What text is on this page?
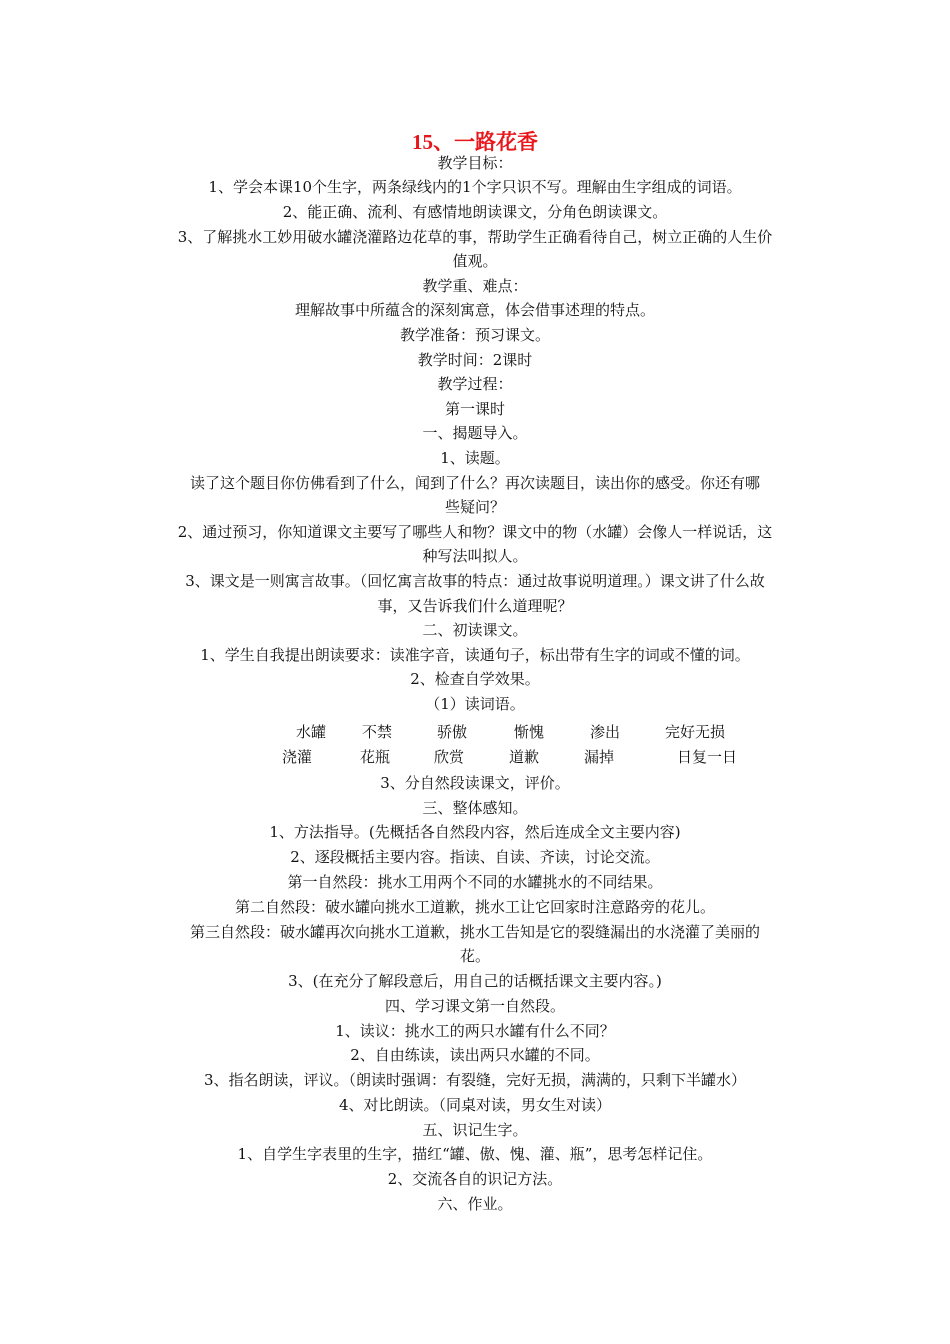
15、一路花香
教学目标：
1、学会本课10个生字，两条绿线内的1个字只识不写。理解由生字组成的词语。
2、能正确、流利、有感情地朗读课文，分角色朗读课文。
3、了解挑水工妙用破水罐浇灌路边花草的事，帮助学生正确看待自己，树立正确的人生价
值观。
教学重、难点：
理解故事中所蕴含的深刻寓意，体会借事述理的特点。
教学准备：预习课文。
教学时间：2课时
教学过程：
第一课时
一、揭题导入。
1、读题。
读了这个题目你仿佛看到了什么，闻到了什么？再次读题目，读出你的感受。你还有哪
些疑问？
2、通过预习，你知道课文主要写了哪些人和物？课文中的物（水罐）会像人一样说话，这
种写法叫拟人。
3、课文是一则寓言故事。（回忆寓言故事的特点：通过故事说明道理。）课文讲了什么故
事，又告诉我们什么道理呢？
二、初读课文。
1、学生自我提出朗读要求：读准字音，读通句子，标出带有生字的词或不懂的词。
2、检查自学效果。
（1）读词语。
水罐 不禁	骄傲	惭愧	渗出	完好无损
浇灌	花瓶	欣赏	道歉	漏掉	日复一日
3、分自然段读课文，评价。
三、整体感知。
1、方法指导。(先概括各自然段内容，然后连成全文主要内容)
2、逐段概括主要内容。指读、自读、齐读，讨论交流。
第一自然段：挑水工用两个不同的水罐挑水的不同结果。
第二自然段：破水罐向挑水工道歉，挑水工让它回家时注意路旁的花儿。
第三自然段：破水罐再次向挑水工道歉，挑水工告知是它的裂缝漏出的水浇灌了美丽的
花。
3、(在充分了解段意后，用自己的话概括课文主要内容。)
四、学习课文第一自然段。
1、读议：挑水工的两只水罐有什么不同？
2、自由练读，读出两只水罐的不同。
3、指名朗读，评议。（朗读时强调：有裂缝，完好无损，满满的，只剩下半罐水）
4、对比朗读。（同桌对读，男女生对读）
五、识记生字。
1、自学生字表里的生字，描红“罐、傲、愧、灌、瓶”，思考怎样记住。
2、交流各自的识记方法。
六、作业。
